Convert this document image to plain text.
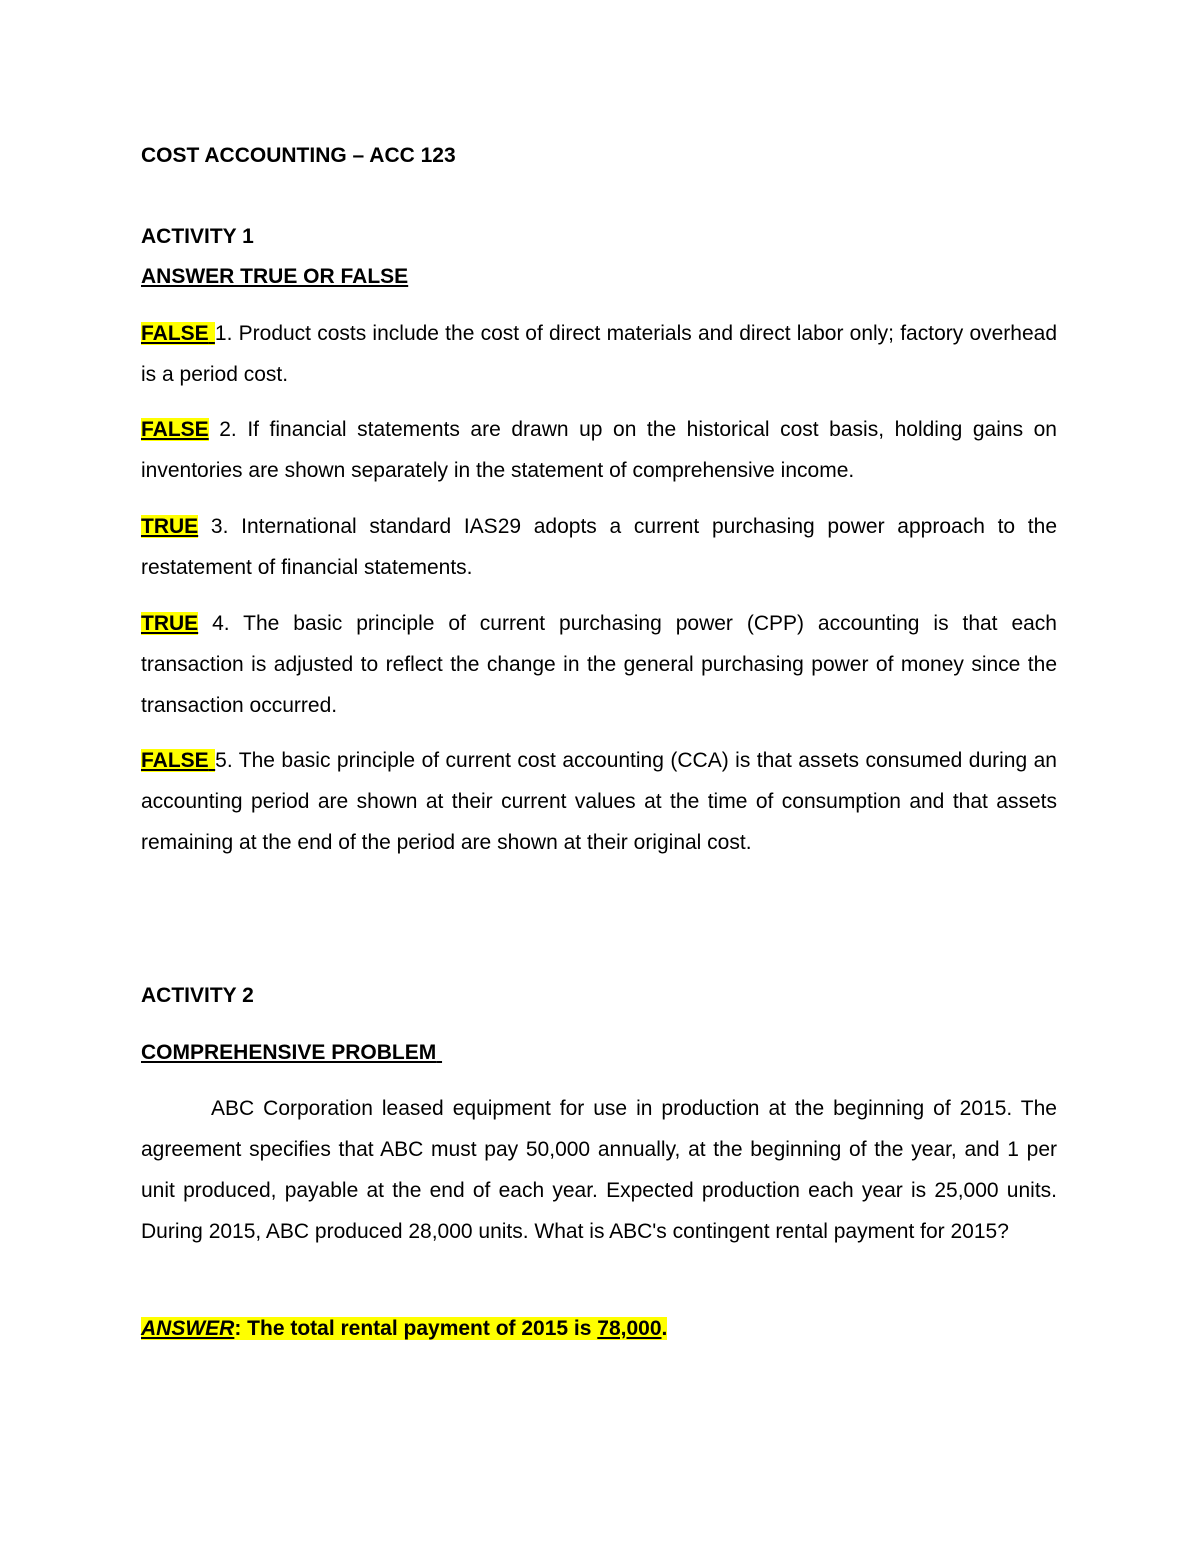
COST ACCOUNTING – ACC 123

ACTIVITY 1

ANSWER TRUE OR FALSE

FALSE 1. Product costs include the cost of direct materials and direct labor only; factory overhead is a period cost.

FALSE 2. If financial statements are drawn up on the historical cost basis, holding gains on inventories are shown separately in the statement of comprehensive income.

TRUE 3. International standard IAS29 adopts a current purchasing power approach to the restatement of financial statements.

TRUE 4. The basic principle of current purchasing power (CPP) accounting is that each transaction is adjusted to reflect the change in the general purchasing power of money since the transaction occurred.

FALSE 5. The basic principle of current cost accounting (CCA) is that assets consumed during an accounting period are shown at their current values at the time of consumption and that assets remaining at the end of the period are shown at their original cost.

ACTIVITY 2

COMPREHENSIVE PROBLEM

ABC Corporation leased equipment for use in production at the beginning of 2015. The agreement specifies that ABC must pay 50,000 annually, at the beginning of the year, and 1 per unit produced, payable at the end of each year. Expected production each year is 25,000 units. During 2015, ABC produced 28,000 units. What is ABC's contingent rental payment for 2015?

ANSWER: The total rental payment of 2015 is 78,000.
